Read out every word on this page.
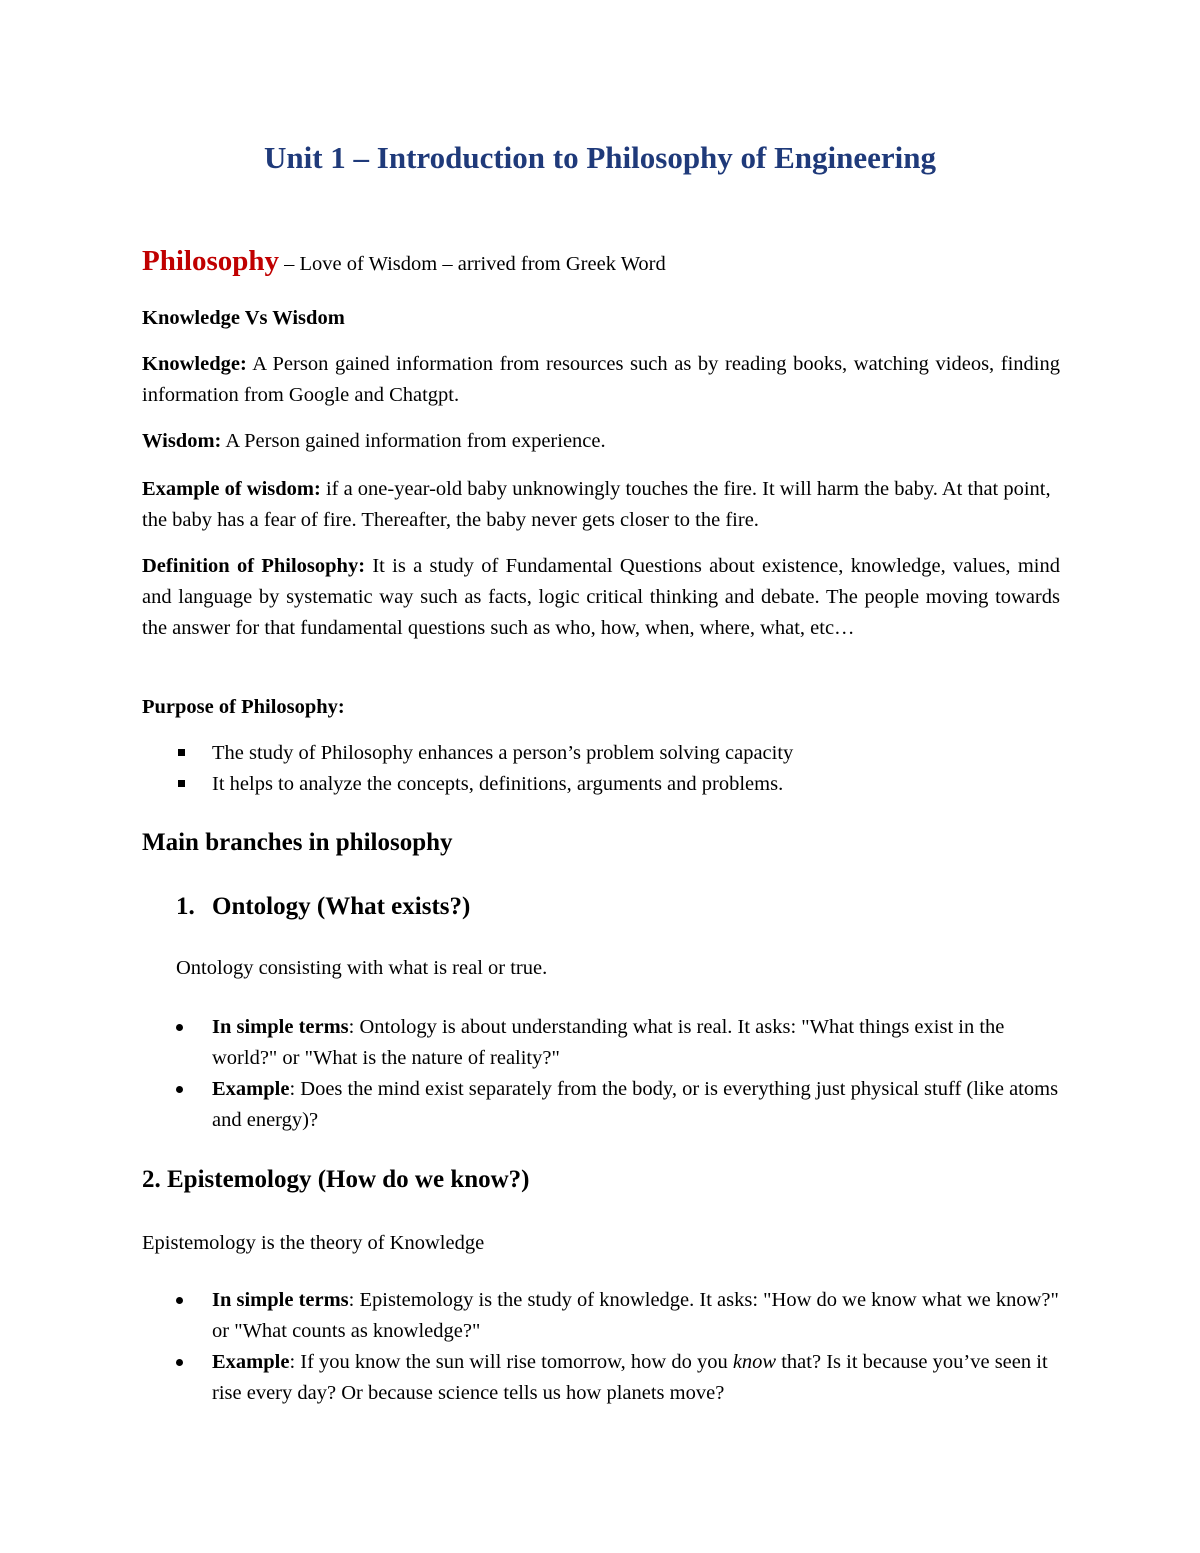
Unit 1 – Introduction to Philosophy of Engineering

Philosophy – Love of Wisdom – arrived from Greek Word

Knowledge Vs Wisdom

Knowledge: A Person gained information from resources such as by reading books, watching videos, finding information from Google and Chatgpt.

Wisdom: A Person gained information from experience.

Example of wisdom: if a one-year-old baby unknowingly touches the fire. It will harm the baby. At that point, the baby has a fear of fire. Thereafter, the baby never gets closer to the fire.

Definition of Philosophy: It is a study of Fundamental Questions about existence, knowledge, values, mind and language by systematic way such as facts, logic critical thinking and debate. The people moving towards the answer for that fundamental questions such as who, how, when, where, what, etc…

Purpose of Philosophy:

The study of Philosophy enhances a person’s problem solving capacity
It helps to analyze the concepts, definitions, arguments and problems.
Main branches in philosophy
1. Ontology (What exists?)

Ontology consisting with what is real or true.

In simple terms: Ontology is about understanding what is real. It asks: "What things exist in the world?" or "What is the nature of reality?"
Example: Does the mind exist separately from the body, or is everything just physical stuff (like atoms and energy)?
2. Epistemology (How do we know?)

Epistemology is the theory of Knowledge

In simple terms: Epistemology is the study of knowledge. It asks: "How do we know what we know?" or "What counts as knowledge?"
Example: If you know the sun will rise tomorrow, how do you know that? Is it because you’ve seen it rise every day? Or because science tells us how planets move?
